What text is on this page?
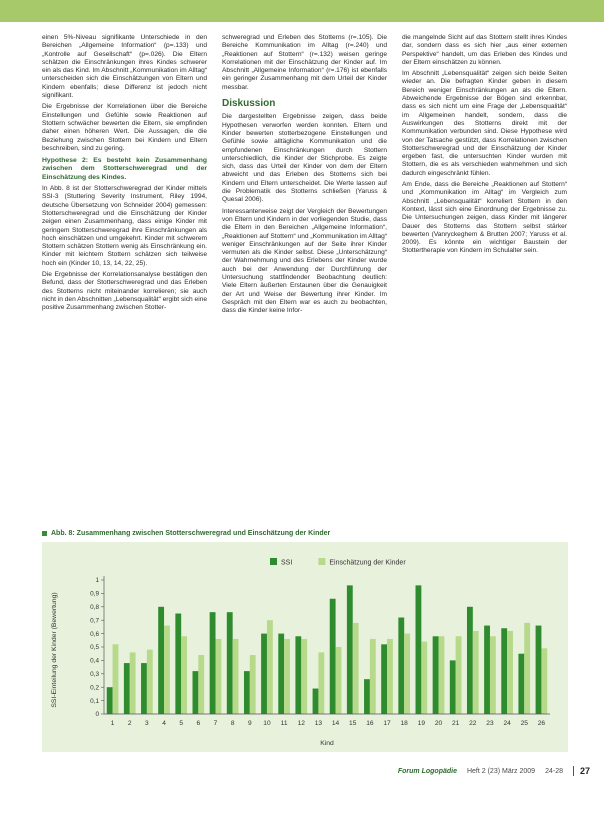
einen 5%-Niveau signifikante Unterschiede in den Bereichen „Allgemeine Information“ (p=.133) und „Kontrolle auf Gesellschaft“ (p=.026). Die Eltern schätzen die Einschränkungen ihres Kindes schwerer ein als das Kind. Im Abschnitt „Kommunikation im Alltag“ unterscheiden sich die Einschätzungen von Eltern und Kindern ebenfalls; diese Differenz ist jedoch nicht signifikant.

Die Ergebnisse der Korrelationen über die Bereiche Einstellungen und Gefühle sowie Reaktionen auf Stottern schwächer bewerten die Eltern, sie empfinden daher einen höheren Wert. Die Aussagen, die die Beziehung zwischen Stottern bei Kindern und Eltern beschreiben, sind zu gering.

Hypothese 2: Es besteht kein Zusammenhang zwischen dem Stotterschweregrad und der Einschätzung des Kindes.

In Abb. 8 ist der Stotterschweregrad der Kinder mittels SSI-3 (Stuttering Severity Instrument, Riley 1994, deutsche Übersetzung von Schneider 2004) gemessen: Stotterschweregrad und die Einschätzung der Kinder zeigen einen Zusammenhang, dass einige Kinder mit geringem Stotterschweregrad ihre Einschränkungen als hoch einschätzen und umgekehrt. Kinder mit schwerem Stottern schätzen Stottern wenig als Einschränkung ein. Kinder mit leichtem Stottern schätzen sich teilweise hoch ein (Kinder 10, 13, 14, 22, 25).

Die Ergebnisse der Korrelationsanalyse bestätigen den Befund, dass der Stotterschweregrad und das Erleben des Stotterns nicht miteinander korrelieren; sie auch nicht in den Abschnitten „Lebensqualität“ ergibt sich eine positive Zusammenhang zwischen Stotter-

schweregrad und Erleben des Stotterns (r=.105). Die Bereiche Kommunikation im Alltag (r=.240) und „Reaktionen auf Stottern“ (r=.132) weisen geringe Korrelationen mit der Einschätzung der Kinder auf. Im Abschnitt „Allgemeine Information“ (r=.176) ist ebenfalls ein geringer Zusammenhang mit dem Urteil der Kinder messbar.

Diskussion

Die dargestellten Ergebnisse zeigen, dass beide Hypothesen verworfen werden konnten. Eltern und Kinder bewerten stotterbezogene Einstellungen und Gefühle sowie alltägliche Kommunikation und die empfundenen Einschränkungen durch Stottern unterschiedlich, die Kinder der Stichprobe. Es zeigte sich, dass das Urteil der Kinder von dem der Eltern abweicht und das Erleben des Stotterns sich bei Kindern und Eltern unterscheidet. Die Werte lassen auf die Problematik des Stotterns schließen (Yaruss & Quesal 2006).

Interessanterweise zeigt der Vergleich der Bewertungen von Eltern und Kindern in der vorliegenden Studie, dass die Eltern in den Bereichen „Allgemeine Information“, „Reaktionen auf Stottern“ und „Kommunikation im Alltag“ weniger Einschränkungen auf der Seite ihrer Kinder vermuten als die Kinder selbst. Diese „Unterschätzung“ der Wahrnehmung und des Erlebens der Kinder wurde auch bei der Anwendung der Durchführung der Untersuchung stattfindender Beobachtung deutlich: Viele Eltern äußerten Erstaunen über die Genauigkeit der Art und Weise der Bewertung ihrer Kinder. Im Gespräch mit den Eltern war es auch zu beobachten, dass die Kinder keine Infor-

die mangelnde Sicht auf das Stottern stellt ihres Kindes dar, sondern dass es sich hier „aus einer externen Perspektive“ handelt, um das Erleben des Kindes und der Eltern einschätzen zu können.

Im Abschnitt „Lebensqualität“ zeigen sich beide Seiten wieder an. Die befragten Kinder geben in diesem Bereich weniger Einschränkungen an als die Eltern. Abweichende Ergebnisse der Bögen sind erkennbar, dass es sich nicht um eine Frage der „Lebensqualität“ im Allgemeinen handelt, sondern, dass die Auswirkungen des Stotterns direkt mit der Kommunikation verbunden sind. Diese Hypothese wird von der Tatsache gestützt, dass Korrelationen zwischen Stotterschweregrad und der Einschätzung der Kinder ergeben fast, die untersuchten Kinder wurden mit Stottern, die es als verschieden wahrnehmen und sich dadurch eingeschränkt fühlen.

Am Ende, dass die Bereiche „Reaktionen auf Stottern“ und „Kommunikation im Alltag“ im Vergleich zum Abschnitt „Lebensqualität“ korreliert Stottern in den Kontext, lässt sich eine Einordnung der Ergebnisse zu. Die Untersuchungen zeigen, dass Kinder mit längerer Dauer des Stotterns das Stottern selbst stärker bewerten (Vanryckeghem & Brutten 2007; Yaruss et al. 2009). Es könnte ein wichtiger Baustein der Stottertherapie von Kindern im Schulalter sein.

Abb. 8: Zusammenhang zwischen Stotterschweregrad und Einschätzung der Kinder
SSI	Einschätzung der Kinder
0
0,1
0,2
0,3
0,4
0,5
0,6
0,7
0,8
0,9
1
1 2 3 4 5 6 7 8 9 10 11 12 13 14 15 16 17 18 19 20 21 22 23 24 25 26
SSI-Einteilung der Kinder (Bewertung)
Kind
Forum Logopädie Heft 2 (23) März 2009 24-28	27
